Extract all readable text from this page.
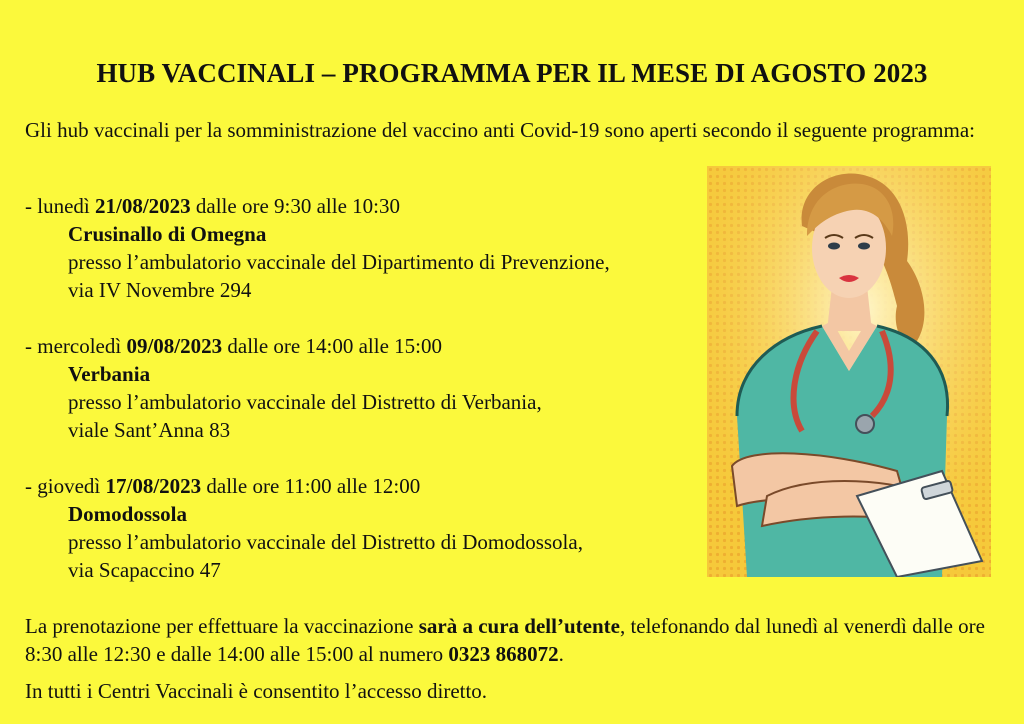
HUB VACCINALI – PROGRAMMA PER IL MESE DI AGOSTO 2023
Gli hub vaccinali per la somministrazione del vaccino anti Covid-19 sono aperti secondo il seguente programma:
- lunedì 21/08/2023 dalle ore 9:30 alle 10:30
Crusinallo di Omegna
presso l’ambulatorio vaccinale del Dipartimento di Prevenzione,
via IV Novembre 294
- mercoledì 09/08/2023 dalle ore 14:00 alle 15:00
Verbania
presso l’ambulatorio vaccinale del Distretto di Verbania,
viale Sant’Anna 83
- giovedì 17/08/2023 dalle ore 11:00 alle 12:00
Domodossola
presso l’ambulatorio vaccinale del Distretto di Domodossola,
via Scapaccino 47
La prenotazione per effettuare la vaccinazione sarà a cura dell’utente, telefonando dal lunedì al venerdì dalle ore 8:30 alle 12:30 e dalle 14:00 alle 15:00 al numero 0323 868072.
In tutti i Centri Vaccinali è consentito l’accesso diretto.
